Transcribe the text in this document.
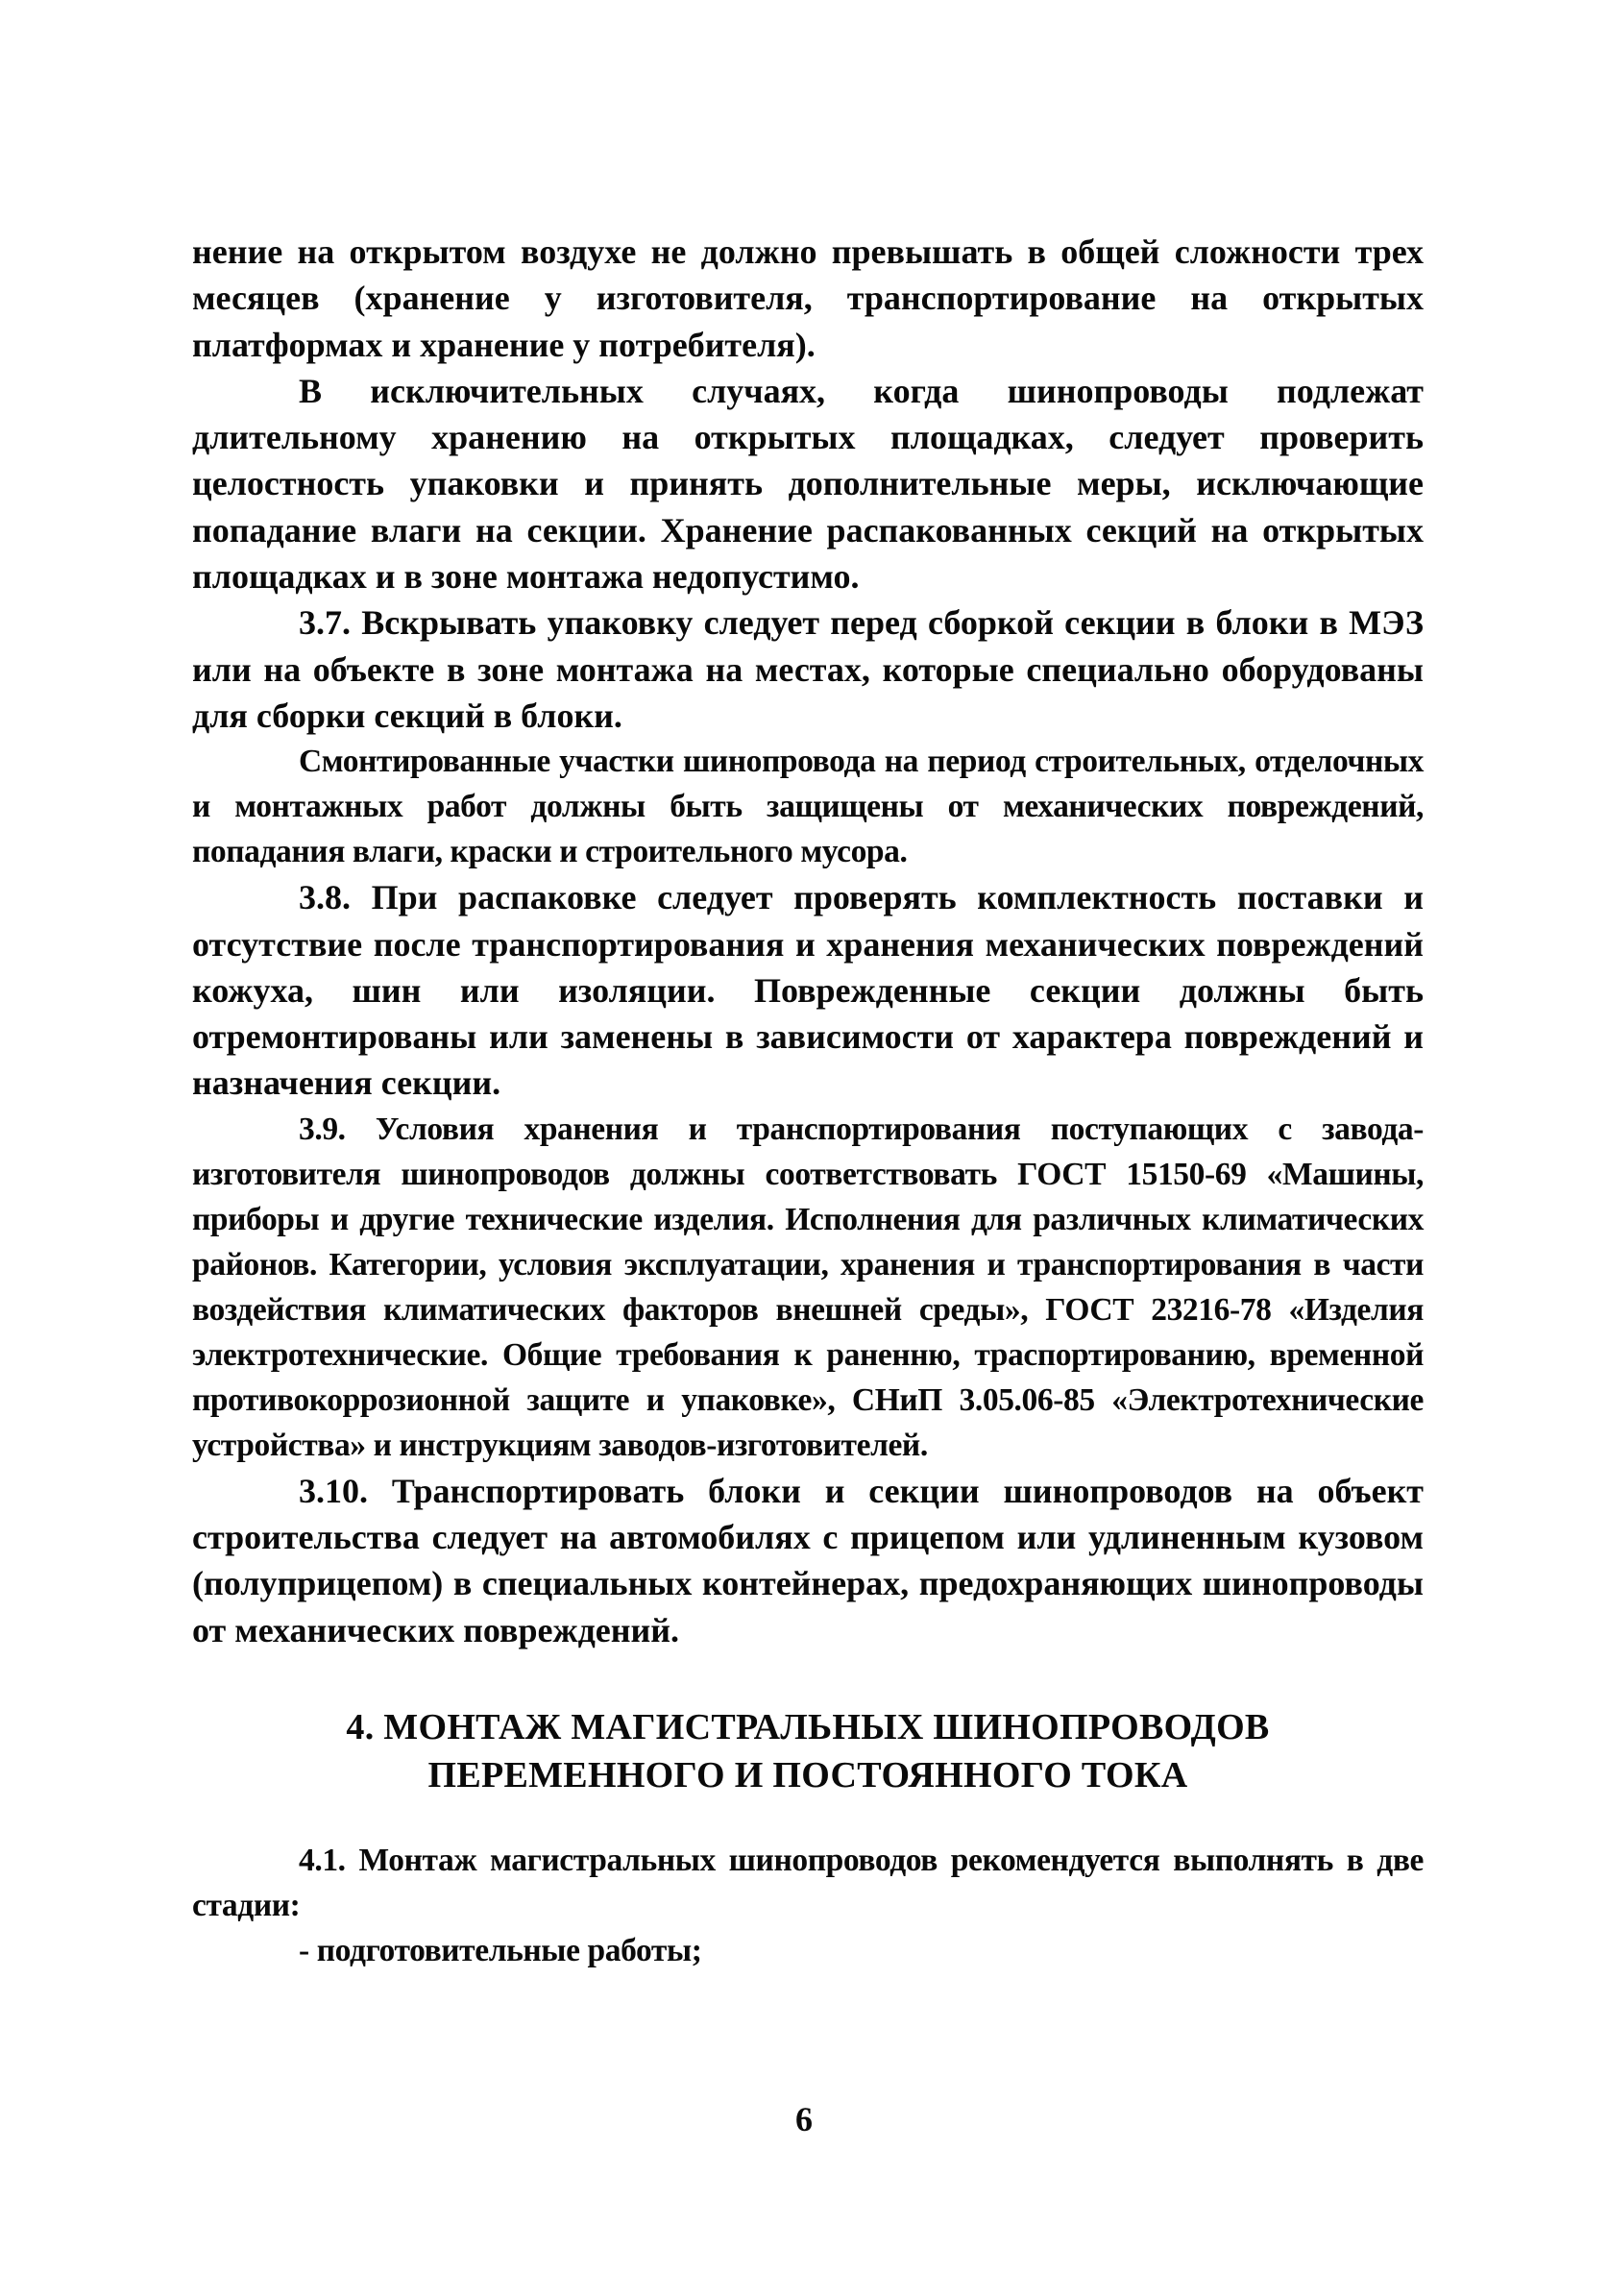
нение на открытом воздухе не должно превышать в общей сложности трех месяцев (хранение у изготовителя, транспортирование на открытых платформах и хранение у потребителя).

В исключительных случаях, когда шинопроводы подлежат длительному хранению на открытых площадках, следует проверить целостность упаковки и принять дополнительные меры, исключающие попадание влаги на секции. Хранение распакованных секций на открытых площадках и в зоне монтажа недопустимо.

3.7. Вскрывать упаковку следует перед сборкой секции в блоки в МЭЗ или на объекте в зоне монтажа на местах, которые специально оборудованы для сборки секций в блоки.

Смонтированные участки шинопровода на период строительных, отделочных и монтажных работ должны быть защищены от механических повреждений, попадания влаги, краски и строительного мусора.

3.8. При распаковке следует проверять комплектность поставки и отсутствие после транспортирования и хранения механических повреждений кожуха, шин или изоляции. Поврежденные секции должны быть отремонтированы или заменены в зависимости от характера повреждений и назначения секции.

3.9. Условия хранения и транспортирования поступающих с завода-изготовителя шинопроводов должны соответствовать ГОСТ 15150-69 «Машины, приборы и другие технические изделия. Исполнения для различных климатических районов. Категории, условия эксплуатации, хранения и транспортирования в части воздействия климатических факторов внешней среды», ГОСТ 23216-78 «Изделия электротехнические. Общие требования к раненню, траспортированию, временной противокоррозионной защите и упаковке», СНиП 3.05.06-85 «Электротехнические устройства» и инструкциям заводов-изготовителей.

3.10. Транспортировать блоки и секции шинопроводов на объект строительства следует на автомобилях с прицепом или удлиненным кузовом (полуприцепом) в специальных контейнерах, предохраняющих шинопроводы от механических повреждений.

4. МОНТАЖ МАГИСТРАЛЬНЫХ ШИНОПРОВОДОВ
ПЕРЕМЕННОГО И ПОСТОЯННОГО ТОКА

4.1. Монтаж магистральных шинопроводов рекомендуется выполнять в две стадии:

- подготовительные работы;

6
